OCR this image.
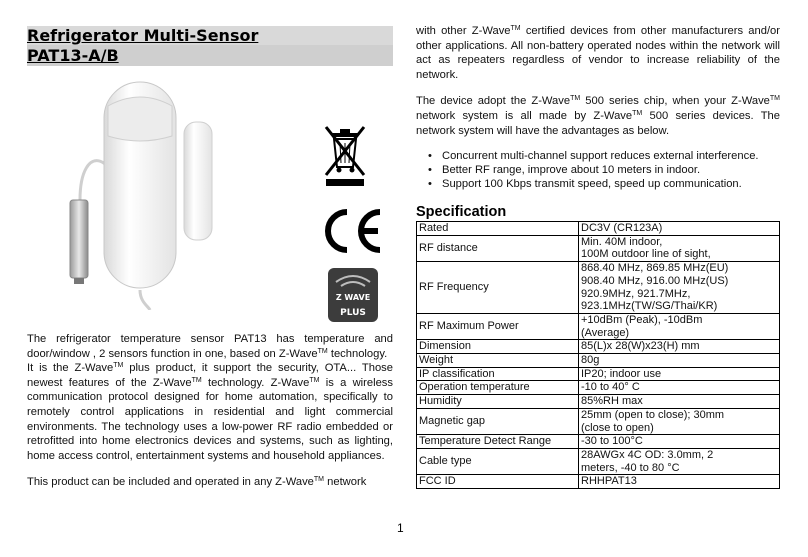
Refrigerator Multi-Sensor
PAT13-A/B
Z WAVE
PLUS

The refrigerator temperature sensor PAT13 has temperature and door/window , 2 sensors function in one, based on Z-Wave™ technology.

It is the Z-Wave™ plus product, it support the security, OTA... Those newest features of the Z-Wave™ technology. Z-Wave™ is a wireless communication protocol designed for home automation, specifically to remotely control applications in residential and light commercial environments. The technology uses a low-power RF radio embedded or retrofitted into home electronics devices and systems, such as lighting, home access control, entertainment systems and household appliances.

This product can be included and operated in any Z-Wave™ network

with other Z-Wave™ certified devices from other manufacturers and/or other applications. All non-battery operated nodes within the network will act as repeaters regardless of vendor to increase reliability of the network.

The device adopt the Z-Wave™ 500 series chip, when your Z-Wave™ network system is all made by Z-Wave™ 500 series devices. The network system will have the advantages as below.

• Concurrent multi-channel support reduces external interference.
• Better RF range, improve about 10 meters in indoor.
• Support 100 Kbps transmit speed, speed up communication.
Specification
Rated	DC3V (CR123A)
RF distance	Min. 40M indoor,
100M outdoor line of sight,
RF Frequency	868.40 MHz, 869.85 MHz(EU)
908.40 MHz, 916.00 MHz(US)
920.9MHz, 921.7MHz,
923.1MHz(TW/SG/Thai/KR)
RF Maximum Power	+10dBm (Peak), -10dBm
(Average)
Dimension	85(L)x 28(W)x23(H) mm
Weight	80g
IP classification	IP20; indoor use
Operation temperature	-10 to 40° C
Humidity	85%RH max
Magnetic gap	25mm (open to close); 30mm
(close to open)
Temperature Detect Range	-30 to 100°C
Cable type	28AWGx 4C OD: 3.0mm, 2
meters, -40 to 80 °C
FCC ID	RHHPAT13
1
